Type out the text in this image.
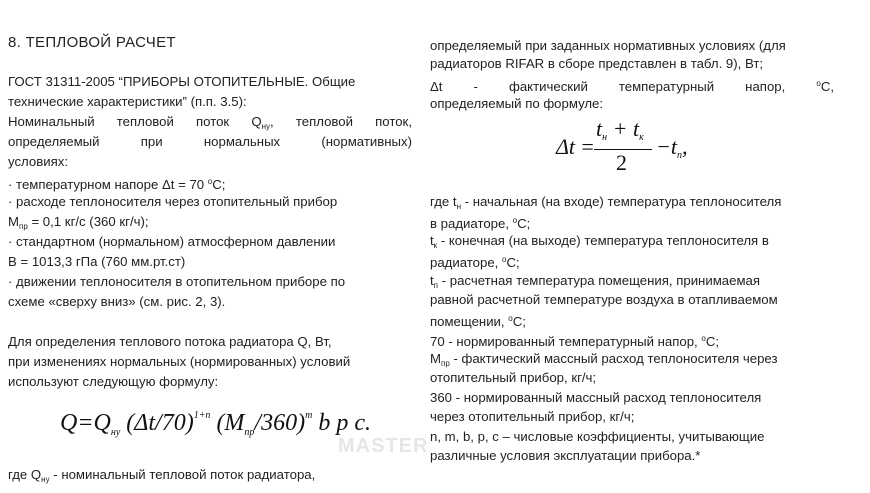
MASTER
8. ТЕПЛОВОЙ РАСЧЕТ
ГОСТ 31311-2005 “ПРИБОРЫ ОТОПИТЕЛЬНЫЕ. Общие
технические характеристики” (п.п. 3.5):
Номинальный тепловой поток $Q_{ну}$, тепловой поток,
определяемый при нормальных (нормативных)
условиях:
· температурном напоре Δt = 70 $^о$С;
· расходе теплоносителя через отопительный прибор
$М_{пр} = 0,1$ кг/с (360 кг/ч);
· стандартном (нормальном) атмосферном давлении
В = 1013,3 гПа (760 мм.рт.ст)
· движении теплоносителя в отопительном приборе по
схеме «сверху вниз» (см. рис. 2, 3).
Для определения теплового потока радиатора Q, Вт,
при изменениях нормальных (нормированных) условий
используют следующую формулу:
$Q=Q_{ну}$ $(\Delta t/70)^{1+n}$ $(M_{пр}/360)^m$ b p c.
где $Q_{ну}$ - номинальный тепловой поток радиатора,
определяемый при заданных нормативных условиях (для
радиаторов RIFAR в сборе представлен в табл. 9), Вт;
Δt - фактический температурный напор,	$^о$С,
определяемый по формуле:
Δt =
tн + tк
2
−tп,
где $t_н$ - начальная (на входе) температура теплоносителя
в радиаторе, $^о$С;
$t_к$ - конечная (на выходе) температура теплоносителя в
радиаторе, $^о$С;
$t_п$ - расчетная температура помещения, принимаемая
равной расчетной температуре воздуха в отапливаемом
помещении, $^о$С;
70 - нормированный температурный напор, $^о$С;
$М_{пр}$ - фактический массный расход теплоносителя через
отопительный прибор, кг/ч;
360 - нормированный массный расход теплоносителя
через отопительный прибор, кг/ч;
n, m, b, p, c – числовые коэффициенты, учитывающие
различные условия эксплуатации прибора.*
